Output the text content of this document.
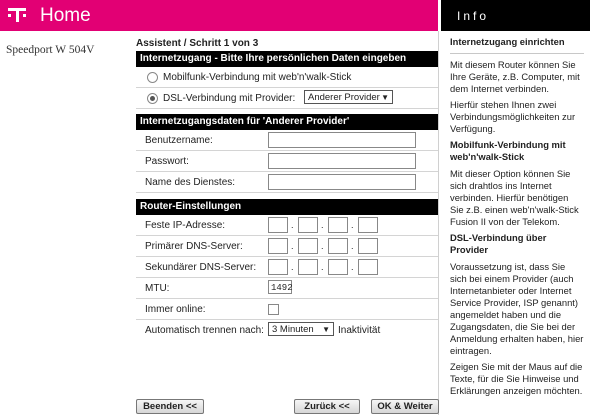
Home	Info
Speedport W 504V
Assistent / Schritt 1 von 3
Internetzugang - Bitte Ihre persönlichen Daten eingeben
Mobilfunk-Verbindung mit web'n'walk-Stick
DSL-Verbindung mit Provider:	Anderer Provider ▼
Internetzugangsdaten für 'Anderer Provider'
Benutzername:
Passwort:
Name des Dienstes:
Router-Einstellungen
Feste IP-Adresse:	.	.	.
Primärer DNS-Server:	.	.	.
Sekundärer DNS-Server:	.	.	.
MTU:	1492
Immer online:
Automatisch trennen nach: 3 Minuten ▼ Inaktivität
Beenden <<	Zurück <<	OK & Weiter
Internetzugang einrichten

Mit diesem Router können Sie Ihre Geräte, z.B. Computer, mit dem Internet verbinden.

Hierfür stehen Ihnen zwei Verbindungsmöglichkeiten zur Verfügung.

Mobilfunk-Verbindung mit web'n'walk-Stick

Mit dieser Option können Sie sich drahtlos ins Internet verbinden. Hierfür benötigen Sie z.B. einen web'n'walk-Stick Fusion II von der Telekom.

DSL-Verbindung über Provider

Voraussetzung ist, dass Sie sich bei einem Provider (auch Internetanbieter oder Internet Service Provider, ISP genannt) angemeldet haben und die Zugangsdaten, die Sie bei der Anmeldung erhalten haben, hier eintragen.

Zeigen Sie mit der Maus auf die Texte, für die Sie Hinweise und Erklärungen anzeigen möchten.
